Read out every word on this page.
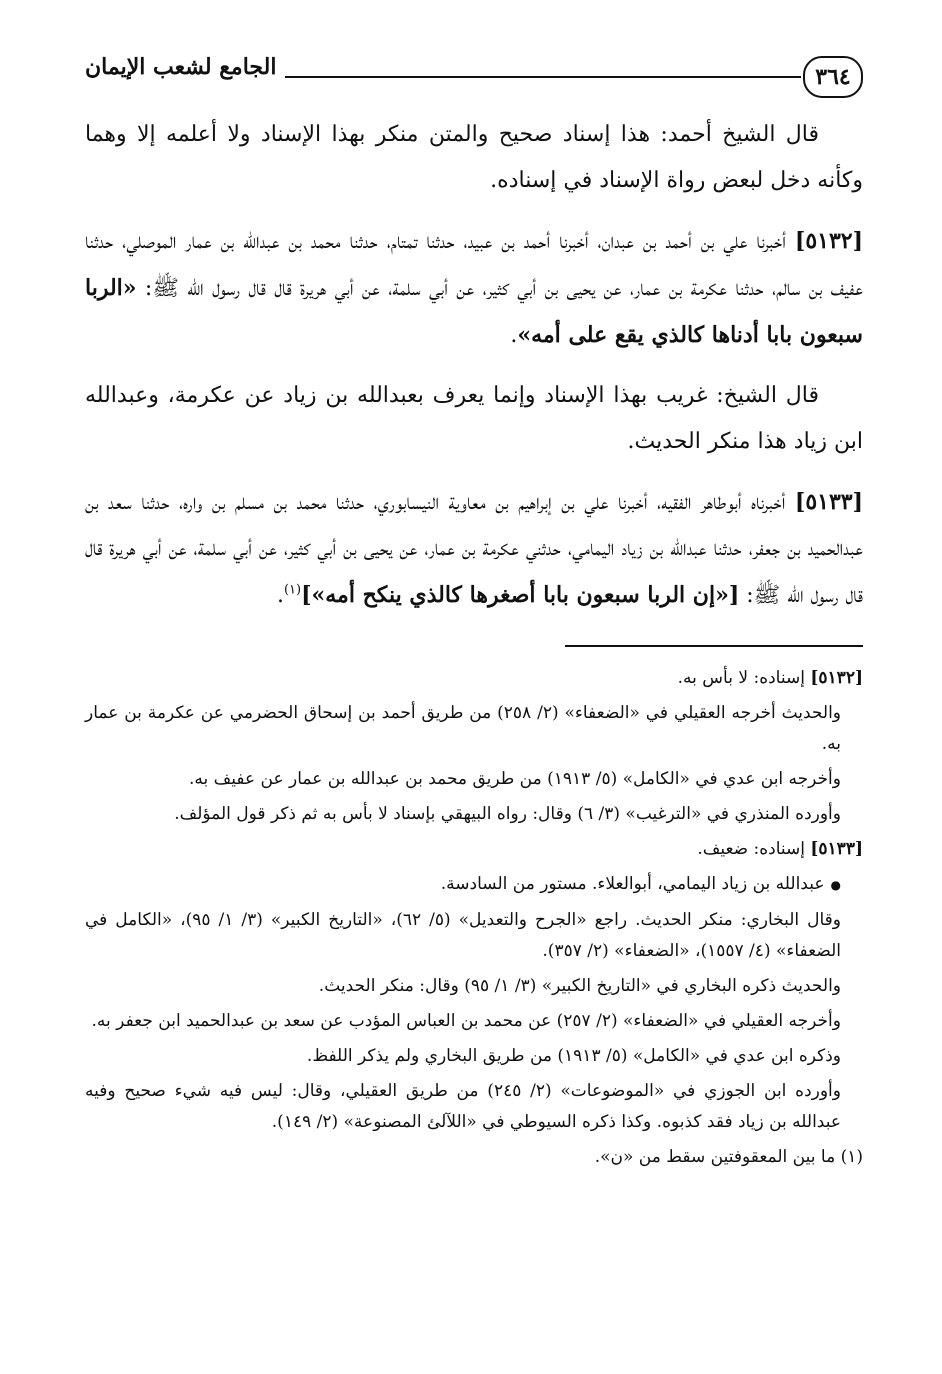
٣٦٤
الجامع لشعب الإيمان

قال الشيخ أحمد: هذا إسناد صحيح والمتن منكر بهذا الإسناد ولا أعلمه إلا وهما وكأنه دخل لبعض رواة الإسناد في إسناده.

[٥١٣٢] أخبرنا علي بن أحمد بن عبدان، أخبرنا أحمد بن عبيد، حدثنا تمتام، حدثنا محمد بن عبدالله بن عمار الموصلي، حدثنا عفيف بن سالم، حدثنا عكرمة بن عمار، عن يحيى بن أبي كثير، عن أبي سلمة، عن أبي هريرة قال قال رسول الله ﷺ: «الربا سبعون بابا أدناها كالذي يقع على أمه».

قال الشيخ: غريب بهذا الإسناد وإنما يعرف بعبدالله بن زياد عن عكرمة، وعبدالله ابن زياد هذا منكر الحديث.

[٥١٣٣] أخبرناه أبوطاهر الفقيه، أخبرنا علي بن إبراهيم بن معاوية النيسابوري، حدثنا محمد بن مسلم بن واره، حدثنا سعد بن عبدالحميد بن جعفر، حدثنا عبدالله بن زياد اليمامي، حدثني عكرمة بن عمار، عن يحيى بن أبي كثير، عن أبي سلمة، عن أبي هريرة قال قال رسول الله ﷺ: [«إن الربا سبعون بابا أصغرها كالذي ينكح أمه»]$^{(١)}$.

[٥١٣٢] إسناده: لا بأس به.

والحديث أخرجه العقيلي في «الضعفاء» (٢/ ٢٥٨) من طريق أحمد بن إسحاق الحضرمي عن عكرمة بن عمار به.

وأخرجه ابن عدي في «الكامل» (٥/ ١٩١٣) من طريق محمد بن عبدالله بن عمار عن عفيف به.

وأورده المنذري في «الترغيب» (٣/ ٦) وقال: رواه البيهقي بإسناد لا بأس به ثم ذكر قول المؤلف.

[٥١٣٣] إسناده: ضعيف.

●عبدالله بن زياد اليمامي، أبوالعلاء. مستور من السادسة.

وقال البخاري: منكر الحديث. راجع «الجرح والتعديل» (٥/ ٦٢)، «التاريخ الكبير» (٣/ ١/ ٩٥)، «الكامل في الضعفاء» (٤/ ١٥٥٧)، «الضعفاء» (٢/ ٣٥٧).

والحديث ذكره البخاري في «التاريخ الكبير» (٣/ ١/ ٩٥) وقال: منكر الحديث.

وأخرجه العقيلي في «الضعفاء» (٢/ ٢٥٧) عن محمد بن العباس المؤدب عن سعد بن عبدالحميد ابن جعفر به.

وذكره ابن عدي في «الكامل» (٥/ ١٩١٣) من طريق البخاري ولم يذكر اللفظ.

وأورده ابن الجوزي في «الموضوعات» (٢/ ٢٤٥) من طريق العقيلي، وقال: ليس فيه شيء صحيح وفيه عبدالله بن زياد فقد كذبوه. وكذا ذكره السيوطي في «اللآلئ المصنوعة» (٢/ ١٤٩).

(١) ما بين المعقوفتين سقط من «ن».
